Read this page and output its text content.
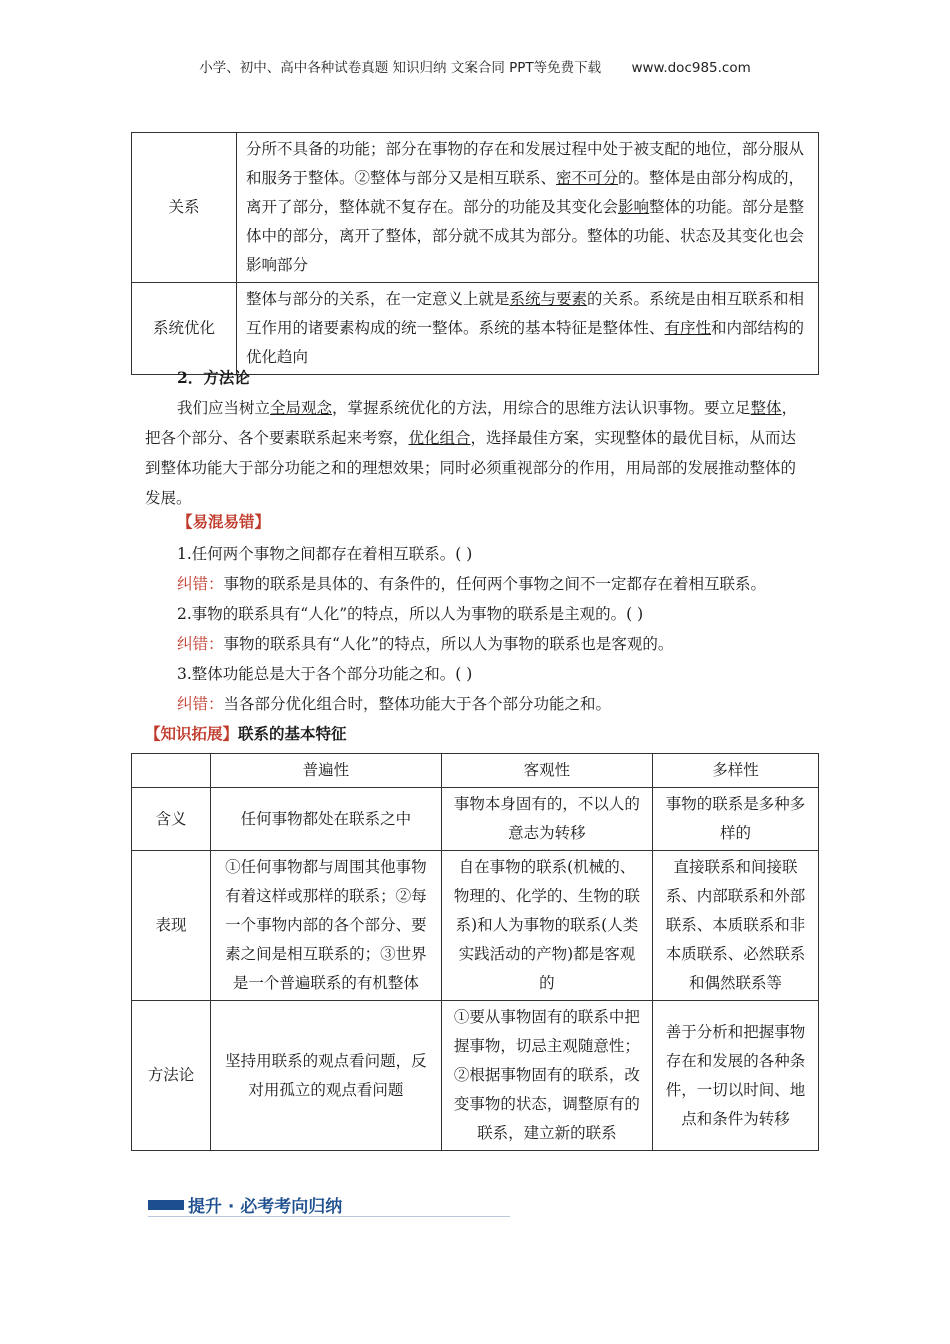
小学、初中、高中各种试卷真题 知识归纳 文案合同 PPT等免费下载 www.doc985.com
关系	分所不具备的功能；部分在事物的存在和发展过程中处于被支配的地位，部分服从和服务于整体。②整体与部分又是相互联系、密不可分的。整体是由部分构成的，离开了部分，整体就不复存在。部分的功能及其变化会影响整体的功能。部分是整体中的部分，离开了整体，部分就不成其为部分。整体的功能、状态及其变化也会影响部分
系统优化	整体与部分的关系，在一定意义上就是系统与要素的关系。系统是由相互联系和相互作用的诸要素构成的统一整体。系统的基本特征是整体性、有序性和内部结构的优化趋向
2．方法论

我们应当树立全局观念，掌握系统优化的方法，用综合的思维方法认识事物。要立足整体，把各个部分、各个要素联系起来考察，优化组合，选择最佳方案，实现整体的最优目标，从而达到整体功能大于部分功能之和的理想效果；同时必须重视部分的作用，用局部的发展推动整体的发展。

【易混易错】
1.任何两个事物之间都存在着相互联系。( )
纠错：事物的联系是具体的、有条件的，任何两个事物之间不一定都存在着相互联系。
2.事物的联系具有“人化”的特点，所以人为事物的联系是主观的。( )
纠错：事物的联系具有“人化”的特点，所以人为事物的联系也是客观的。
3.整体功能总是大于各个部分功能之和。( )
纠错：当各部分优化组合时，整体功能大于各个部分功能之和。
【知识拓展】联系的基本特征
	普遍性	客观性	多样性
含义	任何事物都处在联系之中	事物本身固有的，不以人的意志为转移	事物的联系是多种多样的
表现	①任何事物都与周围其他事物有着这样或那样的联系；②每一个事物内部的各个部分、要素之间是相互联系的；③世界是一个普遍联系的有机整体	自在事物的联系(机械的、物理的、化学的、生物的联系)和人为事物的联系(人类实践活动的产物)都是客观的	直接联系和间接联系、内部联系和外部联系、本质联系和非本质联系、必然联系和偶然联系等
方法论	坚持用联系的观点看问题，反对用孤立的观点看问题	①要从事物固有的联系中把握事物，切忌主观随意性；②根据事物固有的联系，改变事物的状态，调整原有的联系，建立新的联系	善于分析和把握事物存在和发展的各种条件，一切以时间、地点和条件为转移
提升 · 必考考向归纳
